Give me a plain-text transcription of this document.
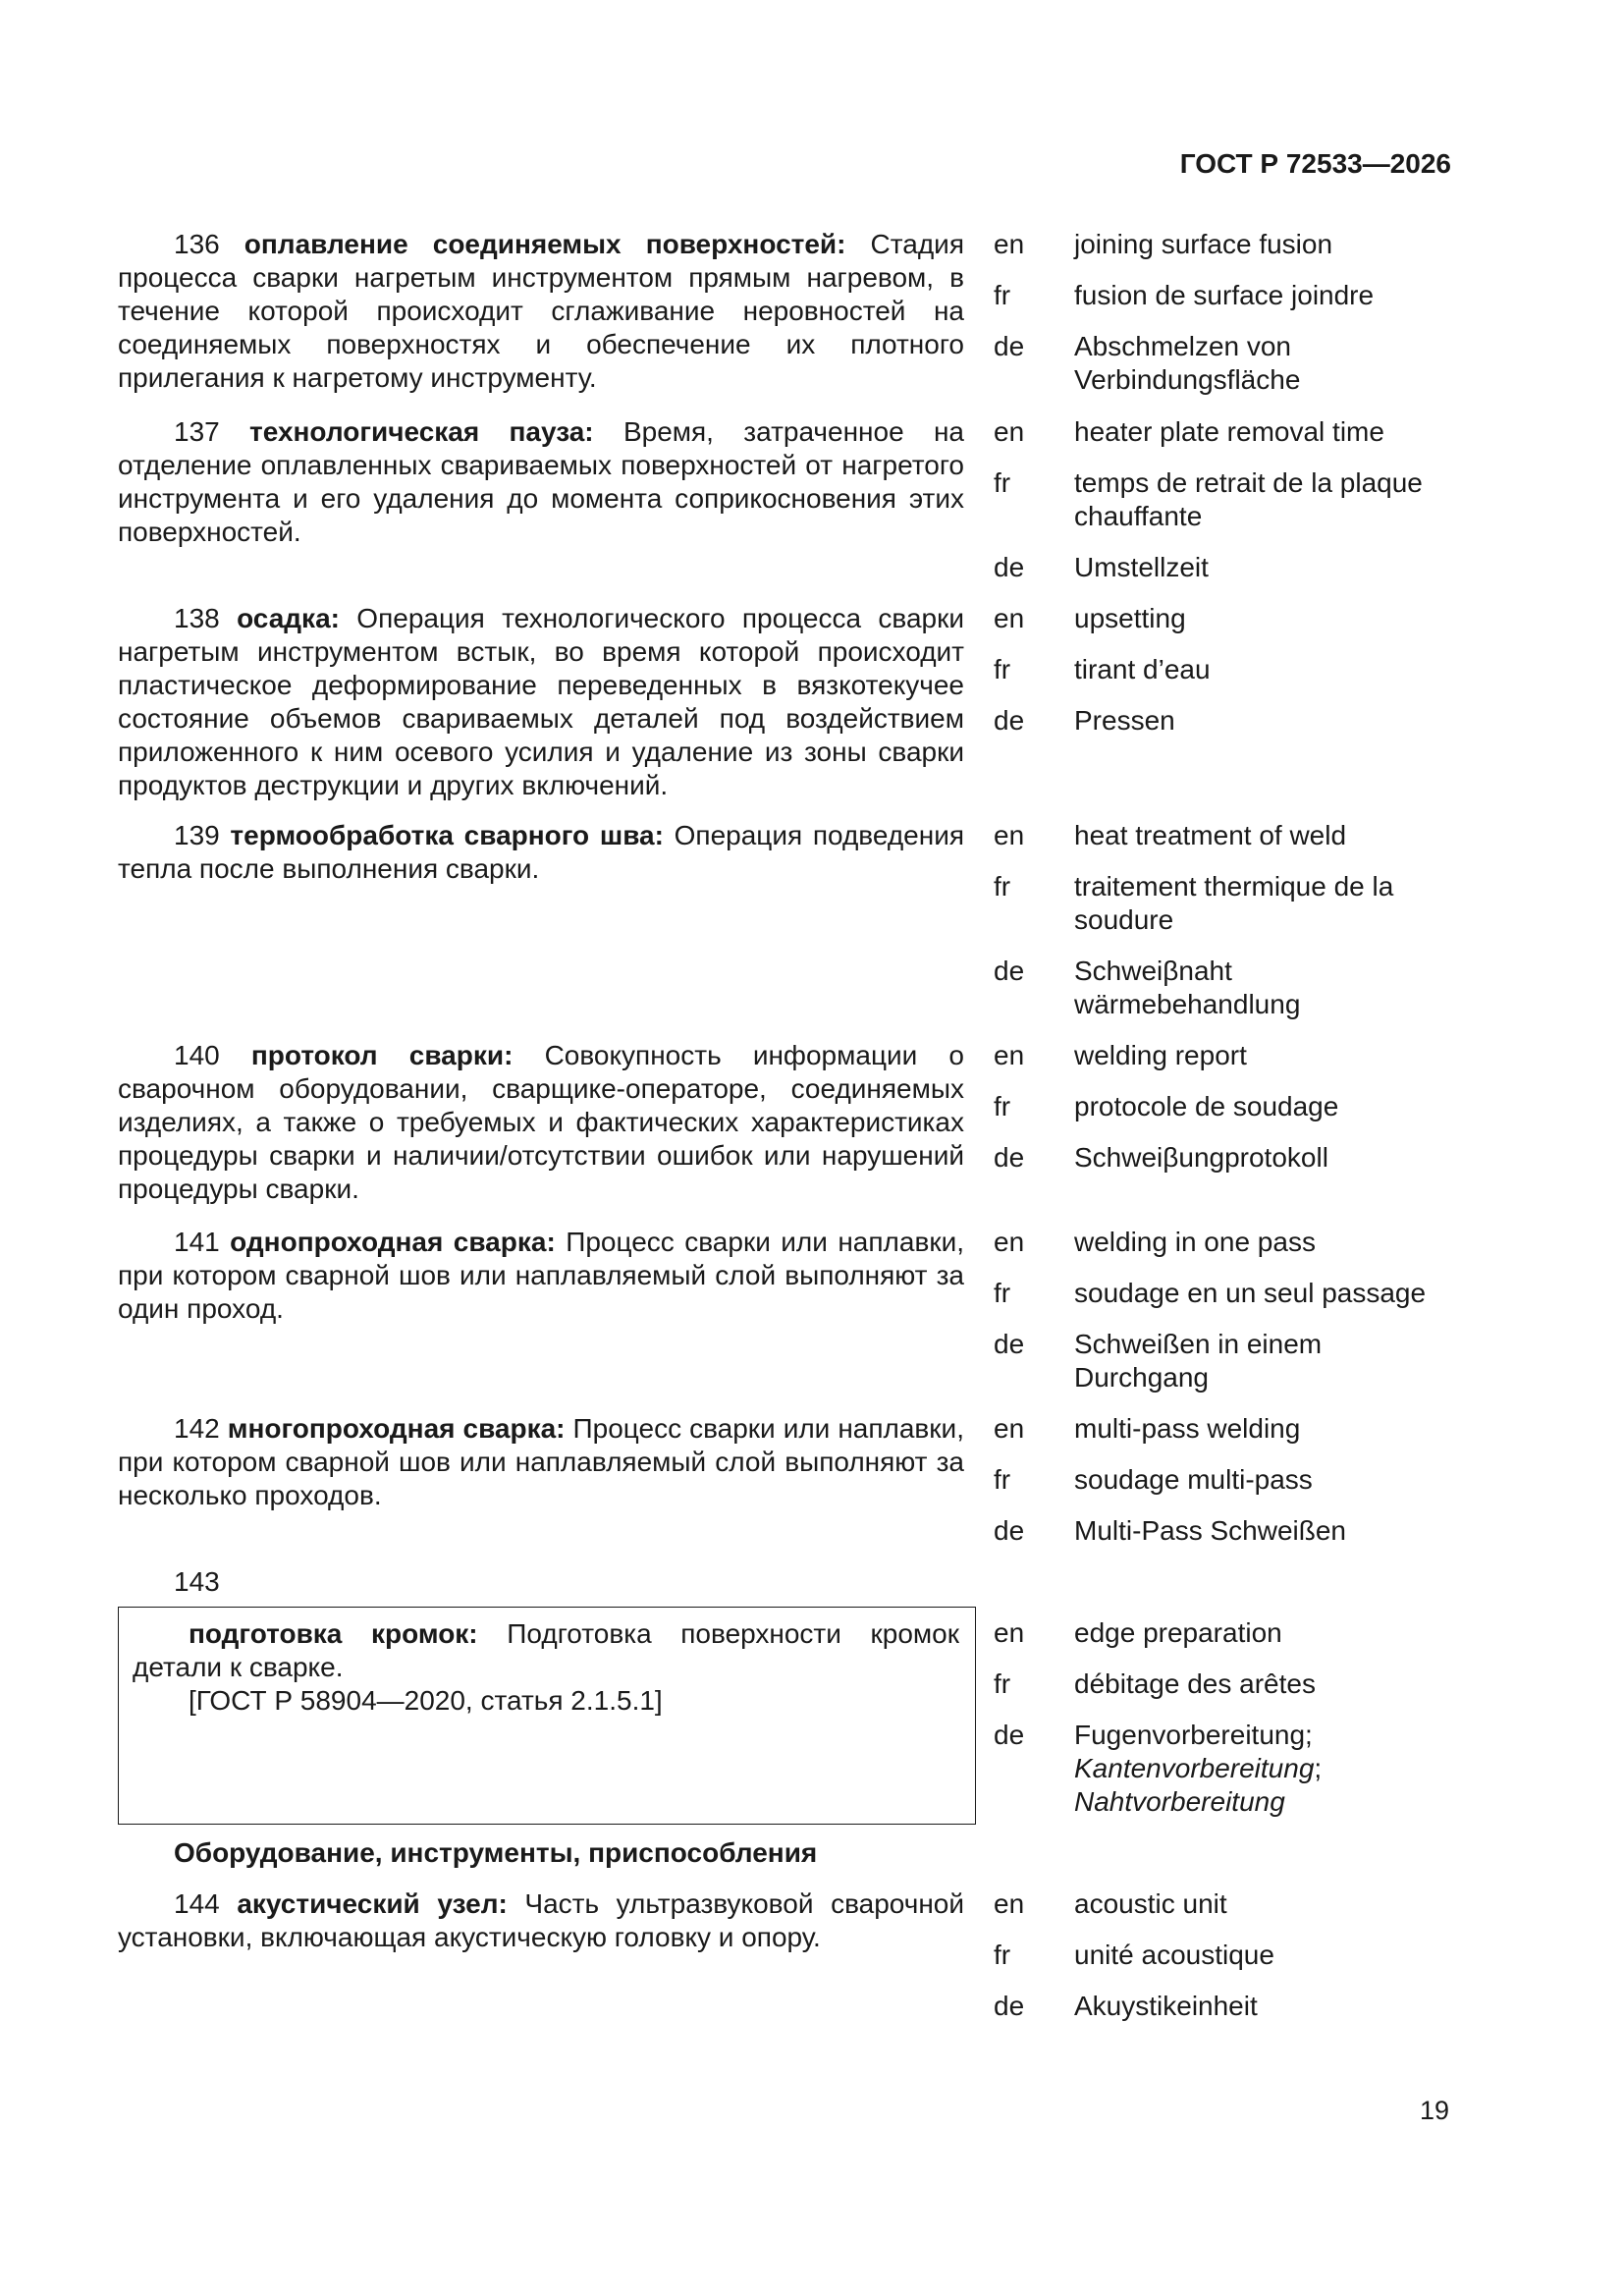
ГОСТ Р 72533—2026

136 оплавление соединяемых поверхностей: Стадия процесса сварки нагретым инструментом прямым нагревом, в течение которой происходит сглаживание неровностей на соединяемых поверхностях и обеспечение их плотного прилегания к нагретому инструменту.

en joining surface fusion
fr fusion de surface joindre
de Abschmelzen von Verbindungsfläche

137 технологическая пауза: Время, затраченное на отделение оплавленных свариваемых поверхностей от нагретого инструмента и его удаления до момента соприкосновения этих поверхностей.

en heater plate removal time
fr temps de retrait de la plaque chauffante
de Umstellzeit

138 осадка: Операция технологического процесса сварки нагретым инструментом встык, во время которой происходит пластическое деформирование переведенных в вязкотекучее состояние объемов свариваемых деталей под воздействием приложенного к ним осевого усилия и удаление из зоны сварки продуктов деструкции и других включений.

en upsetting
fr tirant d’eau
de Pressen

139 термообработка сварного шва: Операция подведения тепла после выполнения сварки.

en heat treatment of weld
fr traitement thermique de la soudure
de Schweiβnaht wärmebehandlung

140 протокол сварки: Совокупность информации о сварочном оборудовании, сварщике-операторе, соединяемых изделиях, а также о требуемых и фактических характеристиках процедуры сварки и наличии/отсутствии ошибок или нарушений процедуры сварки.

en welding report
fr protocole de soudage
de Schweiβungprotokoll

141 однопроходная сварка: Процесс сварки или наплавки, при котором сварной шов или наплавляемый слой выполняют за один проход.

en welding in one pass
fr soudage en un seul passage
de Schweißen in einem Durchgang

142 многопроходная сварка: Процесс сварки или наплавки, при котором сварной шов или наплавляемый слой выполняют за несколько проходов.

en multi-pass welding
fr soudage multi-pass
de Multi-Pass Schweißen
143

подготовка кромок: Подготовка поверхности кромок детали к сварке.

[ГОСТ Р 58904—2020, статья 2.1.5.1]
en edge preparation
fr débitage des arêtes
de Fugenvorbereitung;
Kantenvorbereitung;
Nahtvorbereitung
Оборудование, инструменты, приспособления

144 акустический узел: Часть ультразвуковой сварочной установки, включающая акустическую головку и опору.

en acoustic unit
fr unité acoustique
de Akuystikeinheit
19
